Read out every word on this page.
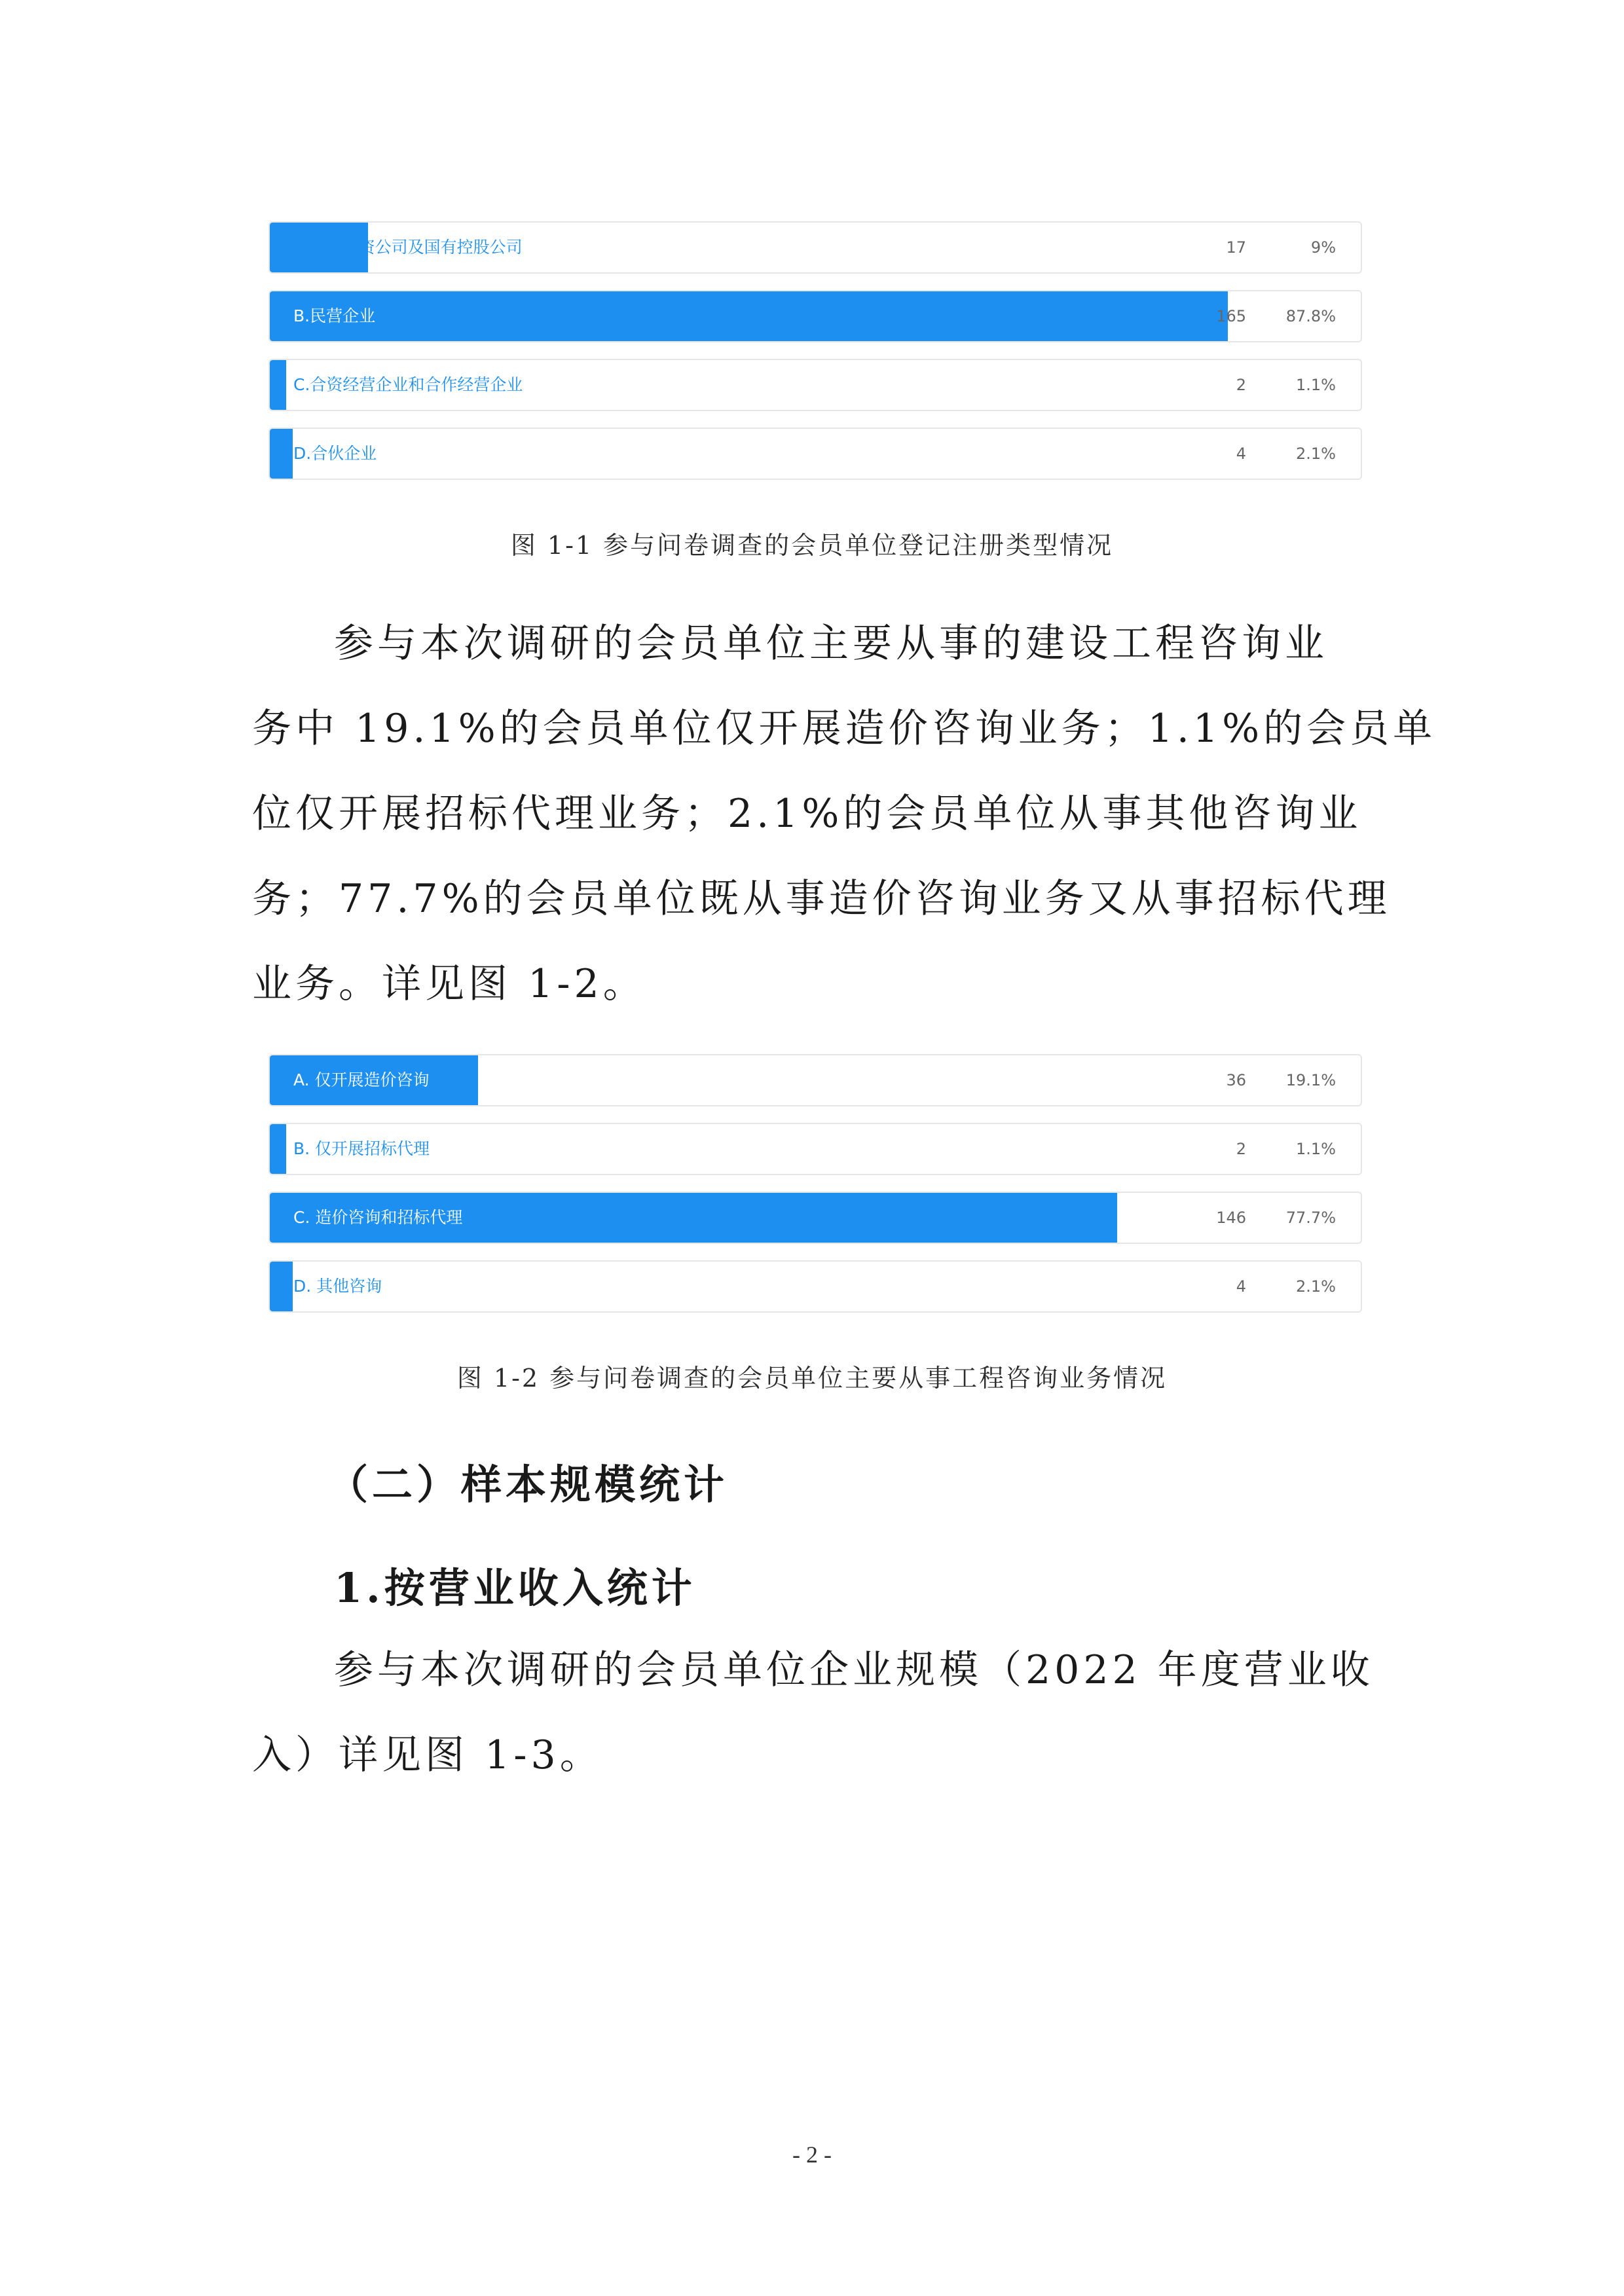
A.国有独资公司及国有控股公司	17	9%
B.民营企业	165	87.8%
C.合资经营企业和合作经营企业	2	1.1%
D.合伙企业	4	2.1%
图 1-1 参与问卷调查的会员单位登记注册类型情况
参与本次调研的会员单位主要从事的建设工程咨询业
务中 19.1%的会员单位仅开展造价咨询业务；1.1%的会员单
位仅开展招标代理业务；2.1%的会员单位从事其他咨询业
务；77.7%的会员单位既从事造价咨询业务又从事招标代理
业务。详见图 1-2。
A. 仅开展造价咨询	36	19.1%
B. 仅开展招标代理	2	1.1%
C. 造价咨询和招标代理	146	77.7%
D. 其他咨询	4	2.1%
图 1-2 参与问卷调查的会员单位主要从事工程咨询业务情况
（二）样本规模统计
1.按营业收入统计
参与本次调研的会员单位企业规模（2022 年度营业收
入）详见图 1-3。
- 2 -
